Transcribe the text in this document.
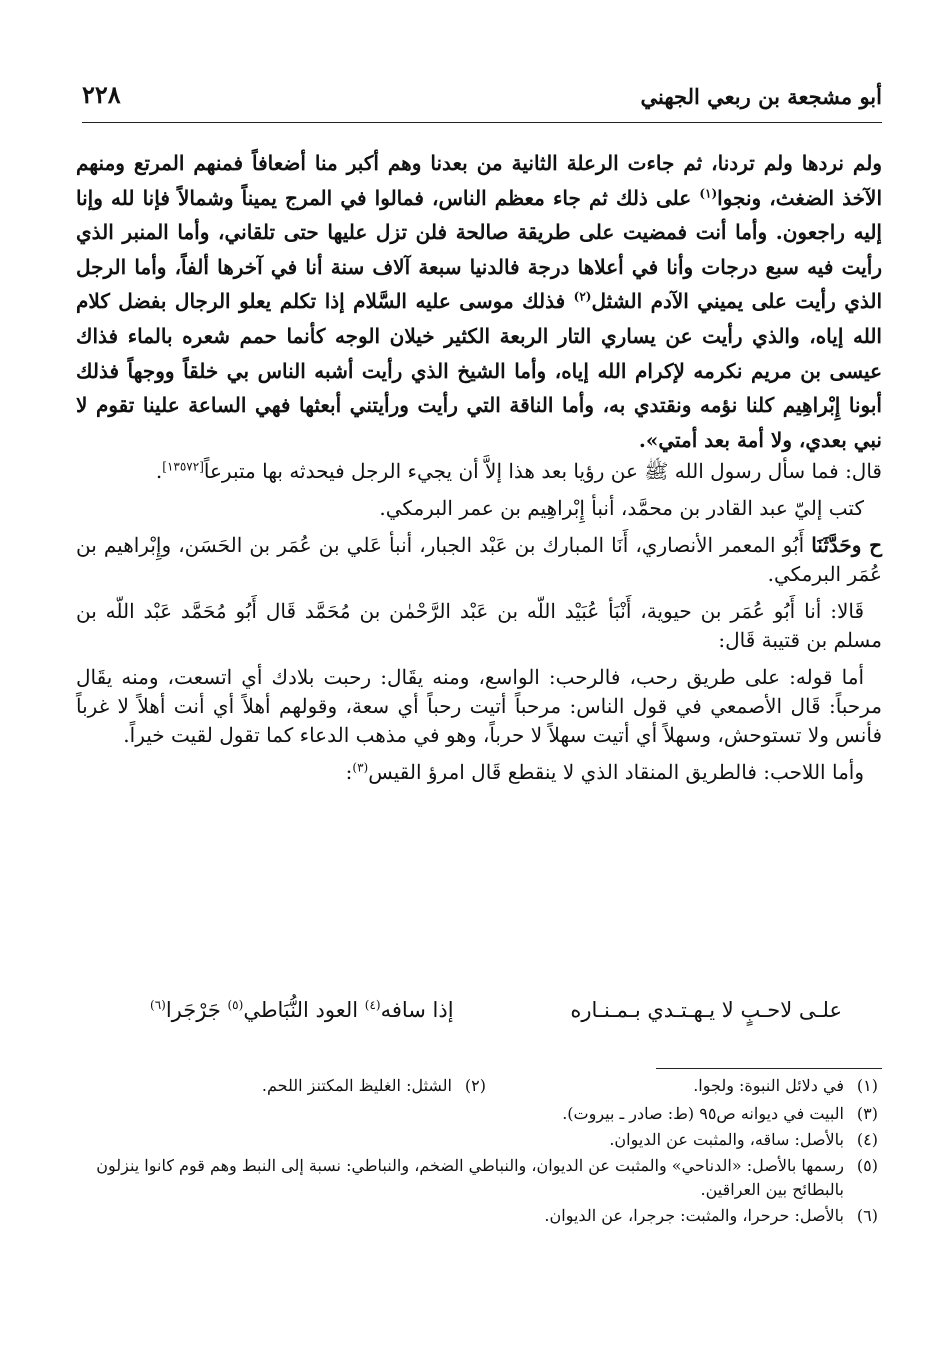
أبو مشجعة بن ربعي الجهني
٢٢٨

ولم نردها ولم تردنا، ثم جاءت الرعلة الثانية من بعدنا وهم أكبر منا أضعافاً فمنهم المرتع ومنهم الآخذ الضغث، ونجوا$^{(١)}$ على ذلك ثم جاء معظم الناس، فمالوا في المرج يميناً وشمالاً فإنا لله وإنا إليه راجعون. وأما أنت فمضيت على طريقة صالحة فلن تزل عليها حتى تلقاني، وأما المنبر الذي رأيت فيه سبع درجات وأنا في أعلاها درجة فالدنيا سبعة آلاف سنة أنا في آخرها ألفاً، وأما الرجل الذي رأيت على يميني الآدم الشثل$^{(٢)}$ فذلك موسى عليه السَّلام إذا تكلم يعلو الرجال بفضل كلام الله إياه، والذي رأيت عن يساري التار الربعة الكثير خيلان الوجه كأنما حمم شعره بالماء فذاك عيسى بن مريم نكرمه لإكرام الله إياه، وأما الشيخ الذي رأيت أشبه الناس بي خلقاً ووجهاً فذلك أبونا إِبْراهِيم كلنا نؤمه ونقتدي به، وأما الناقة التي رأيت ورأيتني أبعثها فهي الساعة علينا تقوم لا نبي بعدي، ولا أمة بعد أمتي».

قال: فما سأل رسول الله ﷺ عن رؤيا بعد هذا إلاَّ أن يجيء الرجل فيحدثه بها متبرعاً[١٣٥٧٢].

كتب إليّ عبد القادر بن محمَّد، أنبأ إِبْراهِيم بن عمر البرمكي.

ح وحَدَّثَنَا أَبُو المعمر الأنصاري، أَنَا المبارك بن عَبْد الجبار، أنبأ عَلي بن عُمَر بن الحَسَن، وإِبْراهيم بن عُمَر البرمكي.

قَالا: أنا أَبُو عُمَر بن حيوية، أَنْبَأ عُبَيْد اللّه بن عَبْد الرَّحْمٰن بن مُحَمَّد قَال أَبُو مُحَمَّد عَبْد اللّه بن مسلم بن قتيبة قَال:

أما قوله: على طريق رحب، فالرحب: الواسع، ومنه يقَال: رحبت بلادك أي اتسعت، ومنه يقَال مرحباً: قَال الأصمعي في قول الناس: مرحباً أتيت رحباً أي سعة، وقولهم أهلاً أي أنت أهلاً لا غرباً فأنس ولا تستوحش، وسهلاً أي أتيت سهلاً لا حرباً، وهو في مذهب الدعاء كما تقول لقيت خيراً.

وأما اللاحب: فالطريق المنقاد الذي لا ينقطع قَال امرؤ القيس$^{(٣)}$:

علـى لاحـبٍ لا يـهـتـدي بـمـنـاره
إذا سافه$^{(٤)}$ العود النُّبَاطي$^{(٥)}$ جَرْجَرا$^{(٦)}$
(١)
في دلائل النبوة: ولجوا.
(٢)
الشثل: الغليظ المكتنز اللحم.
(٣)
البيت في ديوانه ص٩٥ (ط: صادر ـ بيروت).
(٤)
بالأصل: ساقه، والمثبت عن الديوان.
(٥)
رسمها بالأصل: «الدناحي» والمثبت عن الديوان، والنباطي الضخم، والنباطي: نسبة إلى النبط وهم قوم كانوا ينزلون بالبطائح بين العراقين.
(٦)
بالأصل: حرحرا، والمثبت: جرجرا، عن الديوان.
